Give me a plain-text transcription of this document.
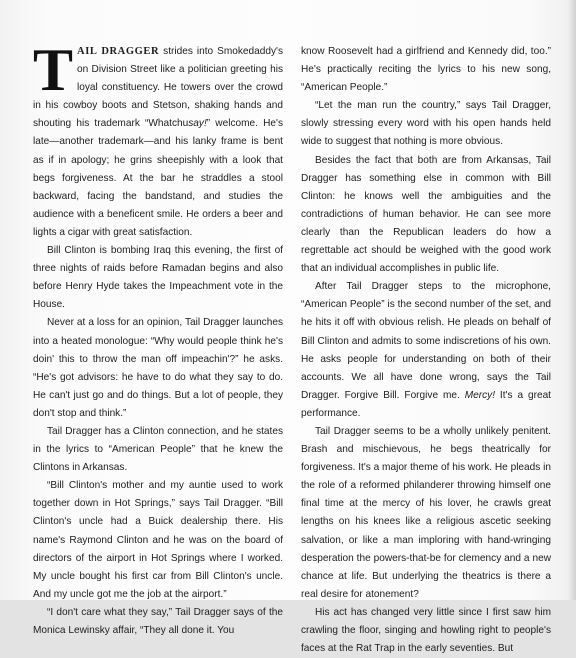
TAIL DRAGGER strides into Smokedaddy's on Division Street like a politician greeting his loyal constituency. He towers over the crowd in his cowboy boots and Stetson, shaking hands and shouting his trademark “Whatchusay!” welcome. He's late—another trademark—and his lanky frame is bent as if in apology; he grins sheepishly with a look that begs forgiveness. At the bar he straddles a stool backward, facing the bandstand, and studies the audience with a beneficent smile. He orders a beer and lights a cigar with great satisfaction.

Bill Clinton is bombing Iraq this evening, the first of three nights of raids before Ramadan begins and also before Henry Hyde takes the Impeachment vote in the House.

Never at a loss for an opinion, Tail Dragger launches into a heated monologue: “Why would people think he's doin' this to throw the man off impeachin'?” he asks. “He's got advisors: he have to do what they say to do. He can't just go and do things. But a lot of people, they don't stop and think.”

Tail Dragger has a Clinton connection, and he states in the lyrics to “American People” that he knew the Clintons in Arkansas.

“Bill Clinton's mother and my auntie used to work together down in Hot Springs,” says Tail Dragger. “Bill Clinton's uncle had a Buick dealership there. His name's Raymond Clinton and he was on the board of directors of the airport in Hot Springs where I worked. My uncle bought his first car from Bill Clinton's uncle. And my uncle got me the job at the airport.”

“I don't care what they say,” Tail Dragger says of the Monica Lewinsky affair, “They all done it. You

know Roosevelt had a girlfriend and Kennedy did, too.” He's practically reciting the lyrics to his new song, “American People.”

“Let the man run the country,” says Tail Dragger, slowly stressing every word with his open hands held wide to suggest that nothing is more obvious.

Besides the fact that both are from Arkansas, Tail Dragger has something else in common with Bill Clinton: he knows well the ambiguities and the contradictions of human behavior. He can see more clearly than the Republican leaders do how a regrettable act should be weighed with the good work that an individual accomplishes in public life.

After Tail Dragger steps to the microphone, “American People” is the second number of the set, and he hits it off with obvious relish. He pleads on behalf of Bill Clinton and admits to some indiscretions of his own. He asks people for understanding on both of their accounts. We all have done wrong, says the Tail Dragger. Forgive Bill. Forgive me. Mercy! It's a great performance.

Tail Dragger seems to be a wholly unlikely penitent. Brash and mischievous, he begs theatrically for forgiveness. It's a major theme of his work. He pleads in the role of a reformed philanderer throwing himself one final time at the mercy of his lover, he crawls great lengths on his knees like a religious ascetic seeking salvation, or like a man imploring with hand-wringing desperation the powers-that-be for clemency and a new chance at life. But underlying the theatrics is there a real desire for atonement?

His act has changed very little since I first saw him crawling the floor, singing and howling right to people's faces at the Rat Trap in the early seventies. But
